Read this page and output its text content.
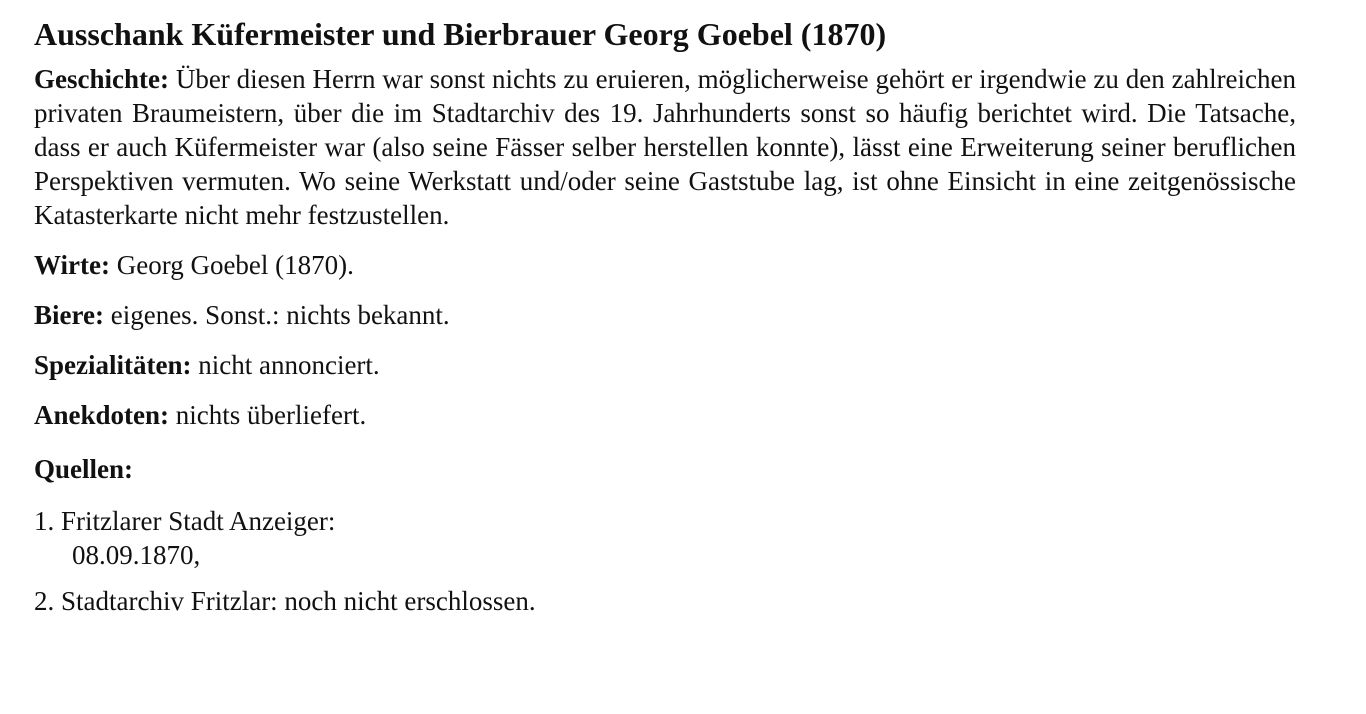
Ausschank Küfermeister und Bierbrauer Georg Goebel (1870)

Geschichte: Über diesen Herrn war sonst nichts zu eruieren, möglicherweise gehört er irgendwie zu den zahlreichen privaten Braumeistern, über die im Stadtarchiv des 19. Jahrhunderts sonst so häufig berichtet wird. Die Tatsache, dass er auch Küfermeister war (also seine Fässer selber herstellen konnte), lässt eine Erweiterung seiner beruflichen Perspektiven vermuten. Wo seine Werkstatt und/oder seine Gaststube lag, ist ohne Einsicht in eine zeitgenössische Katasterkarte nicht mehr festzustellen.

Wirte: Georg Goebel (1870).

Biere: eigenes. Sonst.: nichts bekannt.

Spezialitäten: nicht annonciert.

Anekdoten: nichts überliefert.

Quellen:

1. Fritzlarer Stadt Anzeiger:

08.09.1870,

2. Stadtarchiv Fritzlar: noch nicht erschlossen.
